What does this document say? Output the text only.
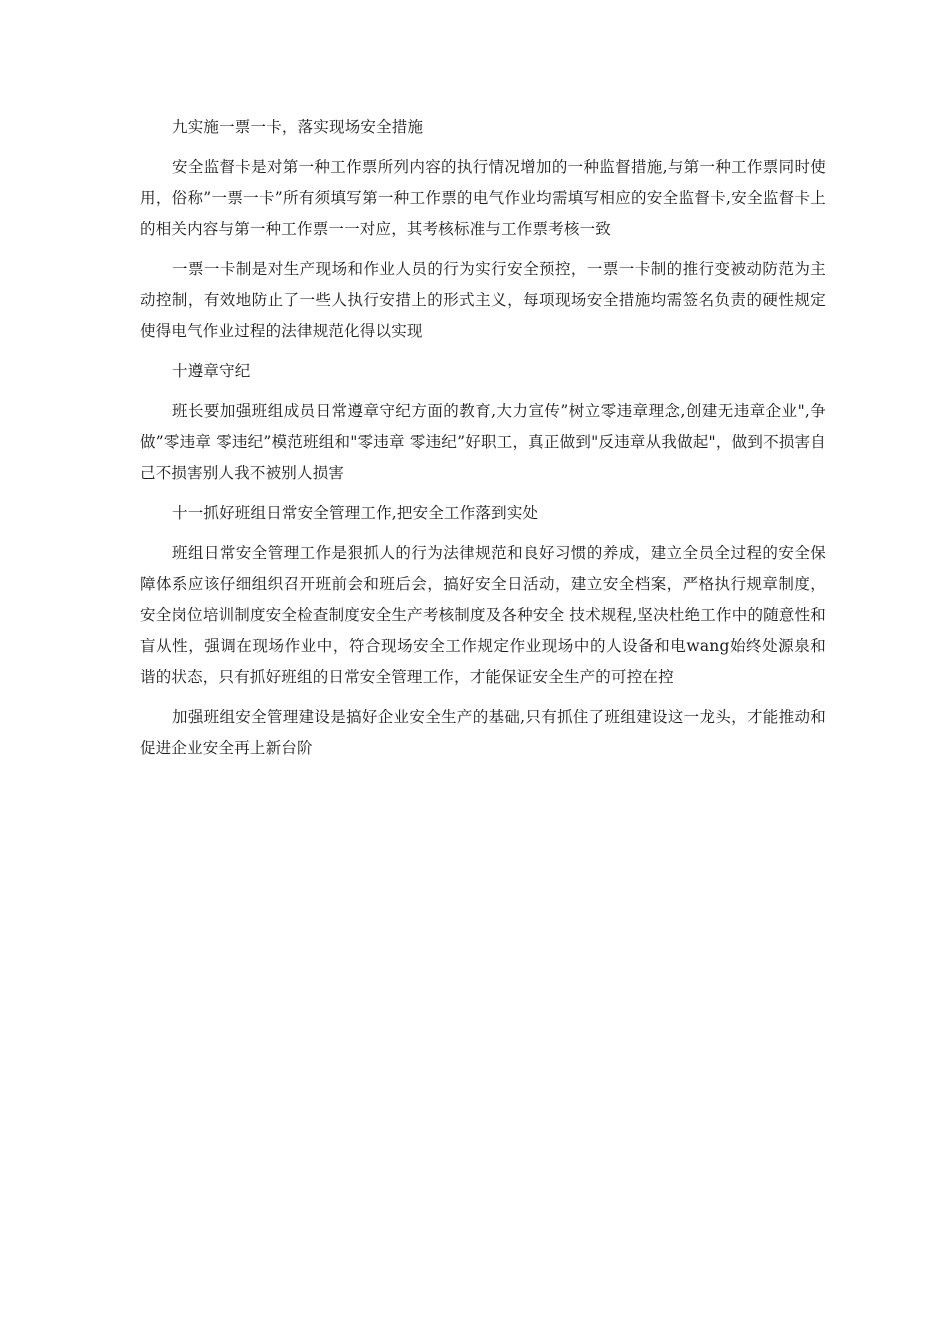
九实施一票一卡，落实现场安全措施

安全监督卡是对第一种工作票所列内容的执行情况增加的一种监督措施,与第一种工作票同时使用，俗称”一票一卡”所有须填写第一种工作票的电气作业均需填写相应的安全监督卡,安全监督卡上的相关内容与第一种工作票一一对应，其考核标准与工作票考核一致

一票一卡制是对生产现场和作业人员的行为实行安全预控，一票一卡制的推行变被动防范为主动控制，有效地防止了一些人执行安措上的形式主义，每项现场安全措施均需签名负责的硬性规定使得电气作业过程的法律规范化得以实现

十遵章守纪

班长要加强班组成员日常遵章守纪方面的教育,大力宣传”树立零违章理念,创建无违章企业",争做”零违章 零违纪”模范班组和"零违章 零违纪”好职工，真正做到"反违章从我做起"，做到不损害自己不损害别人我不被别人损害

十一抓好班组日常安全管理工作,把安全工作落到实处

班组日常安全管理工作是狠抓人的行为法律规范和良好习惯的养成，建立全员全过程的安全保障体系应该仔细组织召开班前会和班后会，搞好安全日活动，建立安全档案，严格执行规章制度，安全岗位培训制度安全检查制度安全生产考核制度及各种安全 技术规程,坚决杜绝工作中的随意性和盲从性，强调在现场作业中，符合现场安全工作规定作业现场中的人设备和电wang始终处源泉和谐的状态，只有抓好班组的日常安全管理工作，才能保证安全生产的可控在控

加强班组安全管理建设是搞好企业安全生产的基础,只有抓住了班组建设这一龙头，才能推动和促进企业安全再上新台阶
